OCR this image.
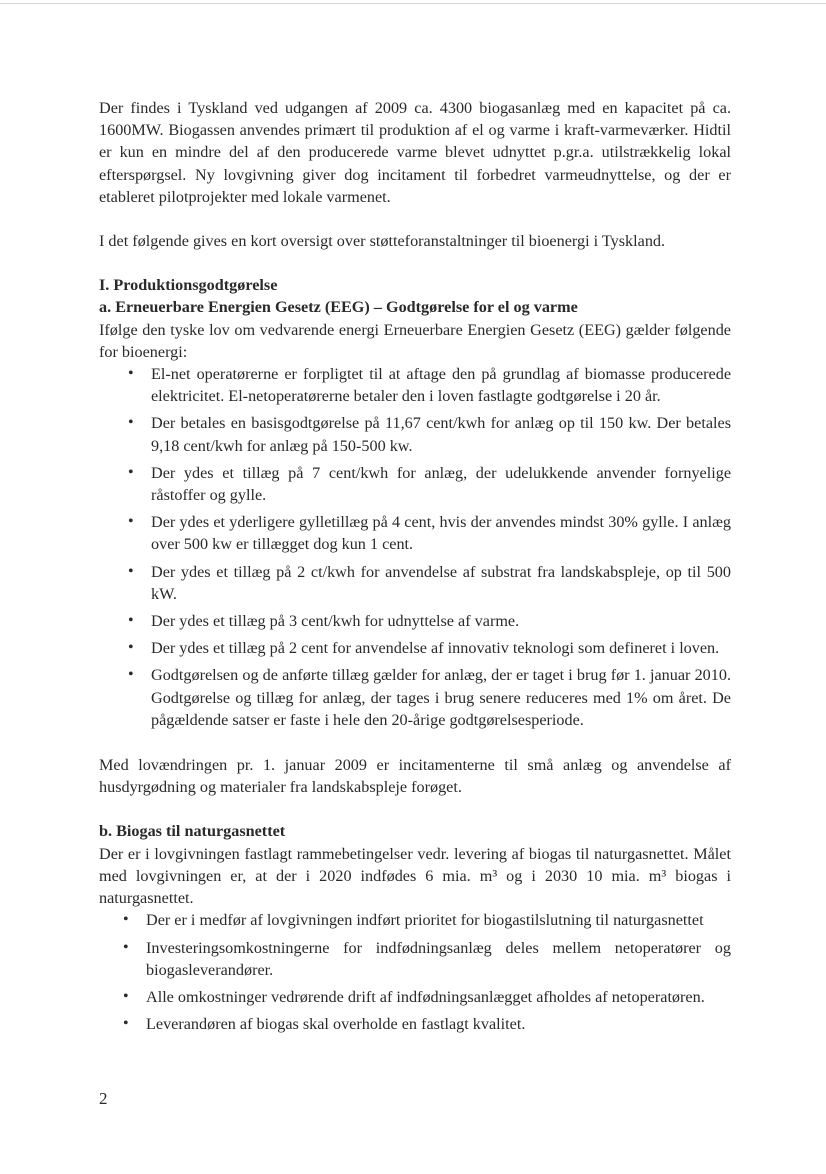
Der findes i Tyskland ved udgangen af 2009 ca. 4300 biogasanlæg med en kapacitet på ca. 1600MW. Biogassen anvendes primært til produktion af el og varme i kraft-varmeværker. Hidtil er kun en mindre del af den producerede varme blevet udnyttet p.gr.a. utilstrækkelig lokal efterspørgsel. Ny lovgivning giver dog incitament til forbedret varmeudnyttelse, og der er etableret pilotprojekter med lokale varmenet.

I det følgende gives en kort oversigt over støtteforanstaltninger til bioenergi i Tyskland.

I. Produktionsgodtgørelse
a. Erneuerbare Energien Gesetz (EEG) – Godtgørelse for el og varme

Ifølge den tyske lov om vedvarende energi Erneuerbare Energien Gesetz (EEG) gælder følgende for bioenergi:

• El-net operatørerne er forpligtet til at aftage den på grundlag af biomasse producerede elektricitet. El-netoperatørerne betaler den i loven fastlagte godtgørelse i 20 år.
• Der betales en basisgodtgørelse på 11,67 cent/kwh for anlæg op til 150 kw. Der betales 9,18 cent/kwh for anlæg på 150-500 kw.
• Der ydes et tillæg på 7 cent/kwh for anlæg, der udelukkende anvender fornyelige råstoffer og gylle.
• Der ydes et yderligere gylletillæg på 4 cent, hvis der anvendes mindst 30% gylle. I anlæg over 500 kw er tillægget dog kun 1 cent.
• Der ydes et tillæg på 2 ct/kwh for anvendelse af substrat fra landskabspleje, op til 500 kW.
• Der ydes et tillæg på 3 cent/kwh for udnyttelse af varme.
• Der ydes et tillæg på 2 cent for anvendelse af innovativ teknologi som defineret i loven.
• Godtgørelsen og de anførte tillæg gælder for anlæg, der er taget i brug før 1. januar 2010. Godtgørelse og tillæg for anlæg, der tages i brug senere reduceres med 1% om året. De pågældende satser er faste i hele den 20-årige godtgørelsesperiode.

Med lovændringen pr. 1. januar 2009 er incitamenterne til små anlæg og anvendelse af husdyrgødning og materialer fra landskabspleje forøget.

b. Biogas til naturgasnettet

Der er i lovgivningen fastlagt rammebetingelser vedr. levering af biogas til naturgasnettet. Målet med lovgivningen er, at der i 2020 indfødes 6 mia. m³ og i 2030 10 mia. m³ biogas i naturgasnettet.

• Der er i medfør af lovgivningen indført prioritet for biogastilslutning til naturgasnettet
• Investeringsomkostningerne for indfødningsanlæg deles mellem netoperatører og biogasleverandører.
• Alle omkostninger vedrørende drift af indfødningsanlægget afholdes af netoperatøren.
• Leverandøren af biogas skal overholde en fastlagt kvalitet.
2
